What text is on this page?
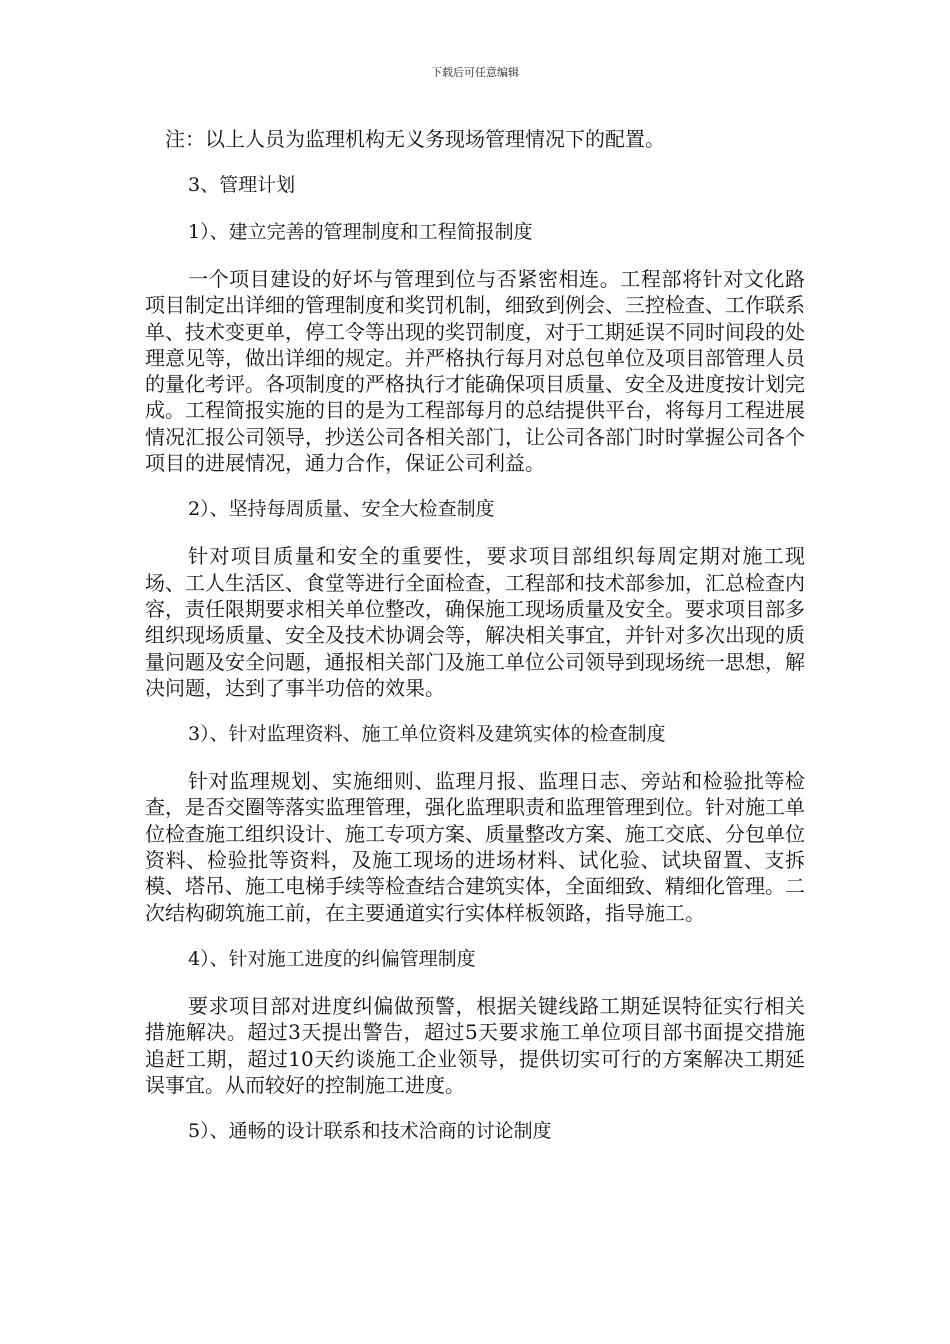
下载后可任意编辑

注：以上人员为监理机构无义务现场管理情况下的配置。

3、管理计划

1）、建立完善的管理制度和工程简报制度

一个项目建设的好坏与管理到位与否紧密相连。工程部将针对文化路项目制定出详细的管理制度和奖罚机制，细致到例会、三控检查、工作联系单、技术变更单，停工令等出现的奖罚制度，对于工期延误不同时间段的处理意见等，做出详细的规定。并严格执行每月对总包单位及项目部管理人员的量化考评。各项制度的严格执行才能确保项目质量、安全及进度按计划完成。工程简报实施的目的是为工程部每月的总结提供平台，将每月工程进展情况汇报公司领导，抄送公司各相关部门，让公司各部门时时掌握公司各个项目的进展情况，通力合作，保证公司利益。

2）、坚持每周质量、安全大检查制度

针对项目质量和安全的重要性，要求项目部组织每周定期对施工现场、工人生活区、食堂等进行全面检查，工程部和技术部参加，汇总检查内容，责任限期要求相关单位整改，确保施工现场质量及安全。要求项目部多组织现场质量、安全及技术协调会等，解决相关事宜，并针对多次出现的质量问题及安全问题，通报相关部门及施工单位公司领导到现场统一思想，解决问题，达到了事半功倍的效果。

3）、针对监理资料、施工单位资料及建筑实体的检查制度

针对监理规划、实施细则、监理月报、监理日志、旁站和检验批等检查，是否交圈等落实监理管理，强化监理职责和监理管理到位。针对施工单位检查施工组织设计、施工专项方案、质量整改方案、施工交底、分包单位资料、检验批等资料，及施工现场的进场材料、试化验、试块留置、支拆模、塔吊、施工电梯手续等检查结合建筑实体，全面细致、精细化管理。二次结构砌筑施工前，在主要通道实行实体样板领路，指导施工。

4）、针对施工进度的纠偏管理制度

要求项目部对进度纠偏做预警，根据关键线路工期延误特征实行相关措施解决。超过3天提出警告，超过5天要求施工单位项目部书面提交措施追赶工期，超过10天约谈施工企业领导，提供切实可行的方案解决工期延误事宜。从而较好的控制施工进度。

5）、通畅的设计联系和技术洽商的讨论制度
